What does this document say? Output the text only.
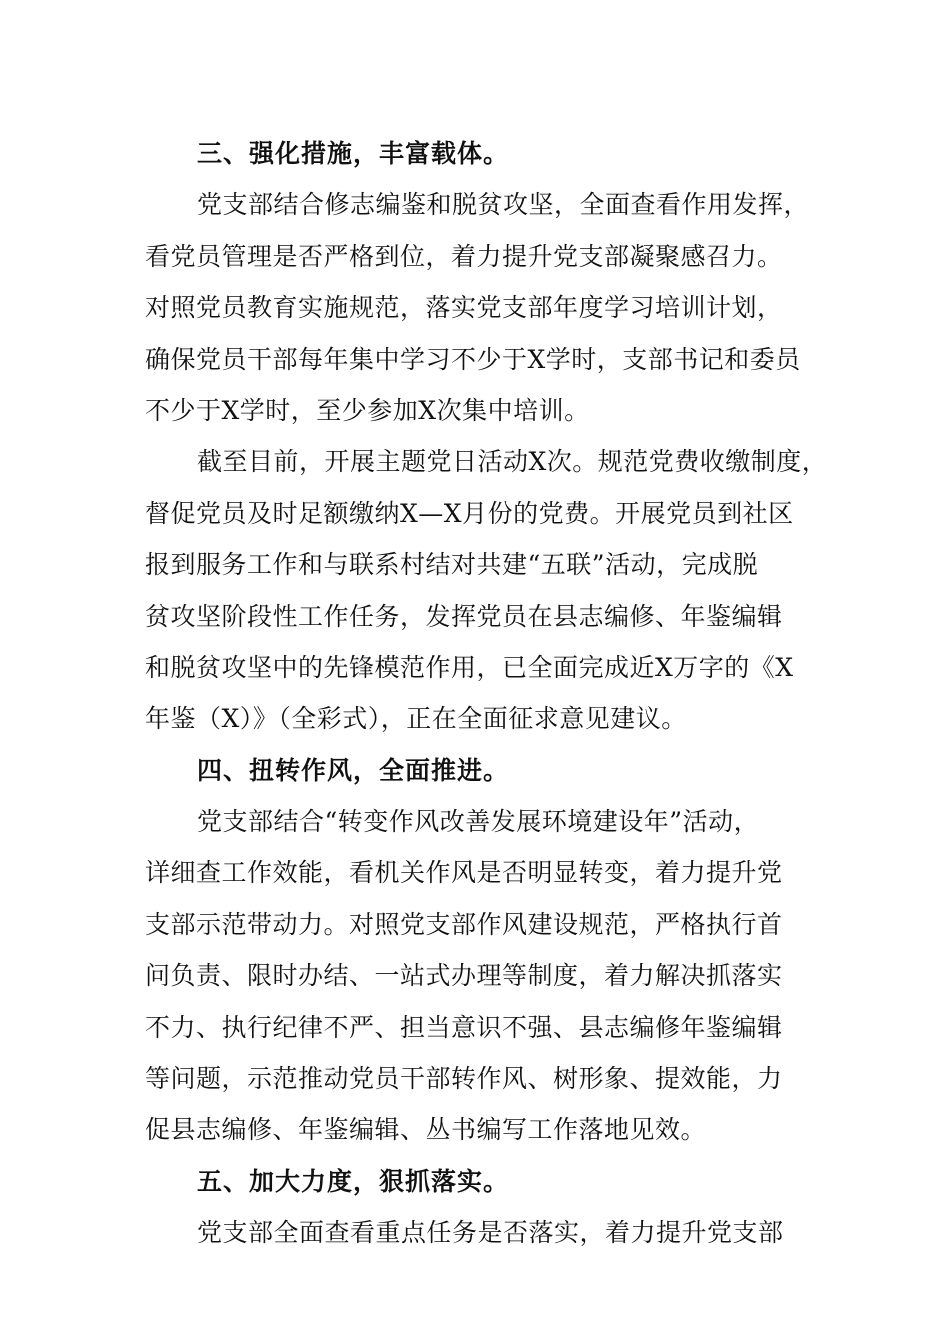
三、强化措施，丰富载体。
党支部结合修志编鉴和脱贫攻坚，全面查看作用发挥，
看党员管理是否严格到位，着力提升党支部凝聚感召力。
对照党员教育实施规范，落实党支部年度学习培训计划，
确保党员干部每年集中学习不少于X学时，支部书记和委员
不少于X学时，至少参加X次集中培训。
截至目前，开展主题党日活动X次。规范党费收缴制度，
督促党员及时足额缴纳X—X月份的党费。开展党员到社区
报到服务工作和与联系村结对共建“五联”活动，完成脱
贫攻坚阶段性工作任务，发挥党员在县志编修、年鉴编辑
和脱贫攻坚中的先锋模范作用，已全面完成近X万字的《X
年鉴（X）》（全彩式），正在全面征求意见建议。
四、扭转作风，全面推进。
党支部结合“转变作风改善发展环境建设年”活动，
详细查工作效能，看机关作风是否明显转变，着力提升党
支部示范带动力。对照党支部作风建设规范，严格执行首
问负责、限时办结、一站式办理等制度，着力解决抓落实
不力、执行纪律不严、担当意识不强、县志编修年鉴编辑
等问题，示范推动党员干部转作风、树形象、提效能，力
促县志编修、年鉴编辑、丛书编写工作落地见效。
五、加大力度，狠抓落实。
党支部全面查看重点任务是否落实，着力提升党支部
